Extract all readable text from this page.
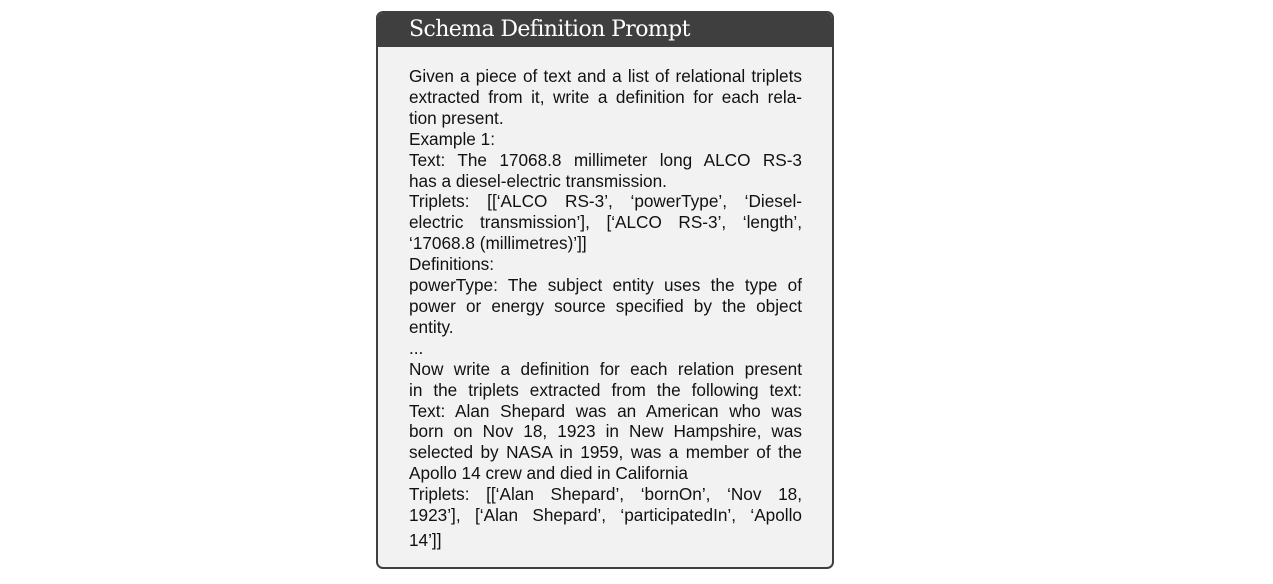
Schema Definition Prompt
Given a piece of text and a list of relational triplets
extracted from it, write a definition for each rela-
tion present.
Example 1:
Text: The 17068.8 millimeter long ALCO RS-3
has a diesel-electric transmission.
Triplets: [[‘ALCO RS-3’, ‘powerType’, ‘Diesel-
electric transmission’], [‘ALCO RS-3’, ‘length’,
‘17068.8 (millimetres)’]]
Definitions:
powerType: The subject entity uses the type of
power or energy source specified by the object
entity.
...
Now write a definition for each relation present
in the triplets extracted from the following text:
Text: Alan Shepard was an American who was
born on Nov 18, 1923 in New Hampshire, was
selected by NASA in 1959, was a member of the
Apollo 14 crew and died in California
Triplets: [[‘Alan Shepard’, ‘bornOn’, ‘Nov 18,
1923’], [‘Alan Shepard’, ‘participatedIn’, ‘Apollo
14’]]
